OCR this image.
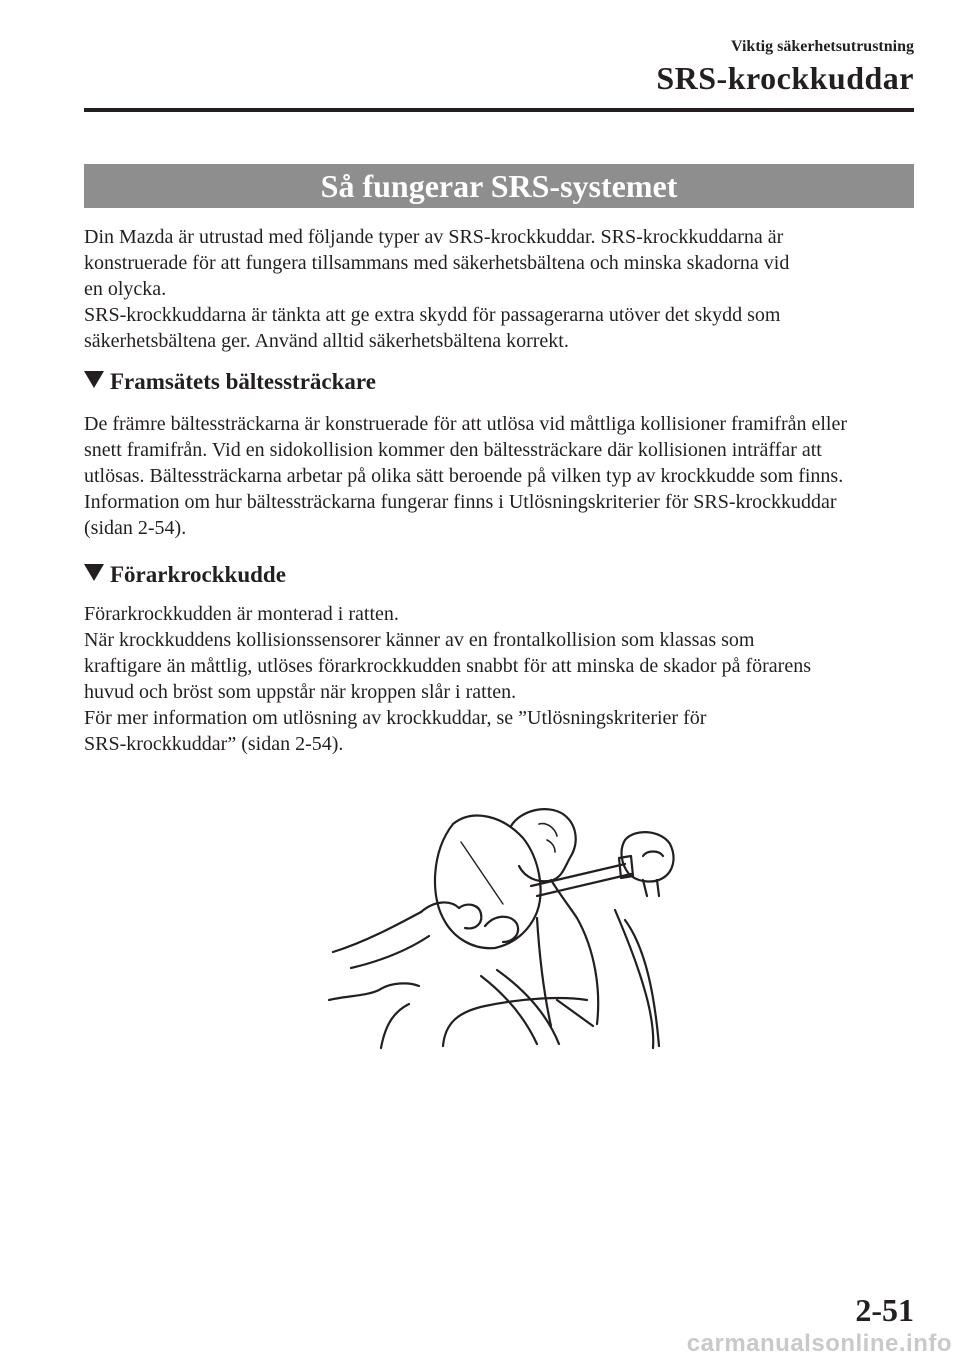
Viktig säkerhetsutrustning
SRS-krockkuddar
Så fungerar SRS-systemet
Din Mazda är utrustad med följande typer av SRS-krockkuddar. SRS-krockkuddarna är
konstruerade för att fungera tillsammans med säkerhetsbältena och minska skadorna vid
en olycka.
SRS-krockkuddarna är tänkta att ge extra skydd för passagerarna utöver det skydd som
säkerhetsbältena ger. Använd alltid säkerhetsbältena korrekt.
Framsätets bältessträckare
De främre bältessträckarna är konstruerade för att utlösa vid måttliga kollisioner framifrån eller
snett framifrån. Vid en sidokollision kommer den bältessträckare där kollisionen inträffar att
utlösas. Bältessträckarna arbetar på olika sätt beroende på vilken typ av krockkudde som finns.
Information om hur bältessträckarna fungerar finns i Utlösningskriterier för SRS-krockkuddar
(sidan 2-54).
Förarkrockkudde
Förarkrockkudden är monterad i ratten.
När krockkuddens kollisionssensorer känner av en frontalkollision som klassas som
kraftigare än måttlig, utlöses förarkrockkudden snabbt för att minska de skador på förarens
huvud och bröst som uppstår när kroppen slår i ratten.
För mer information om utlösning av krockkuddar, se ”Utlösningskriterier för
SRS-krockkuddar” (sidan 2-54).
2-51
carmanualsonline.info
